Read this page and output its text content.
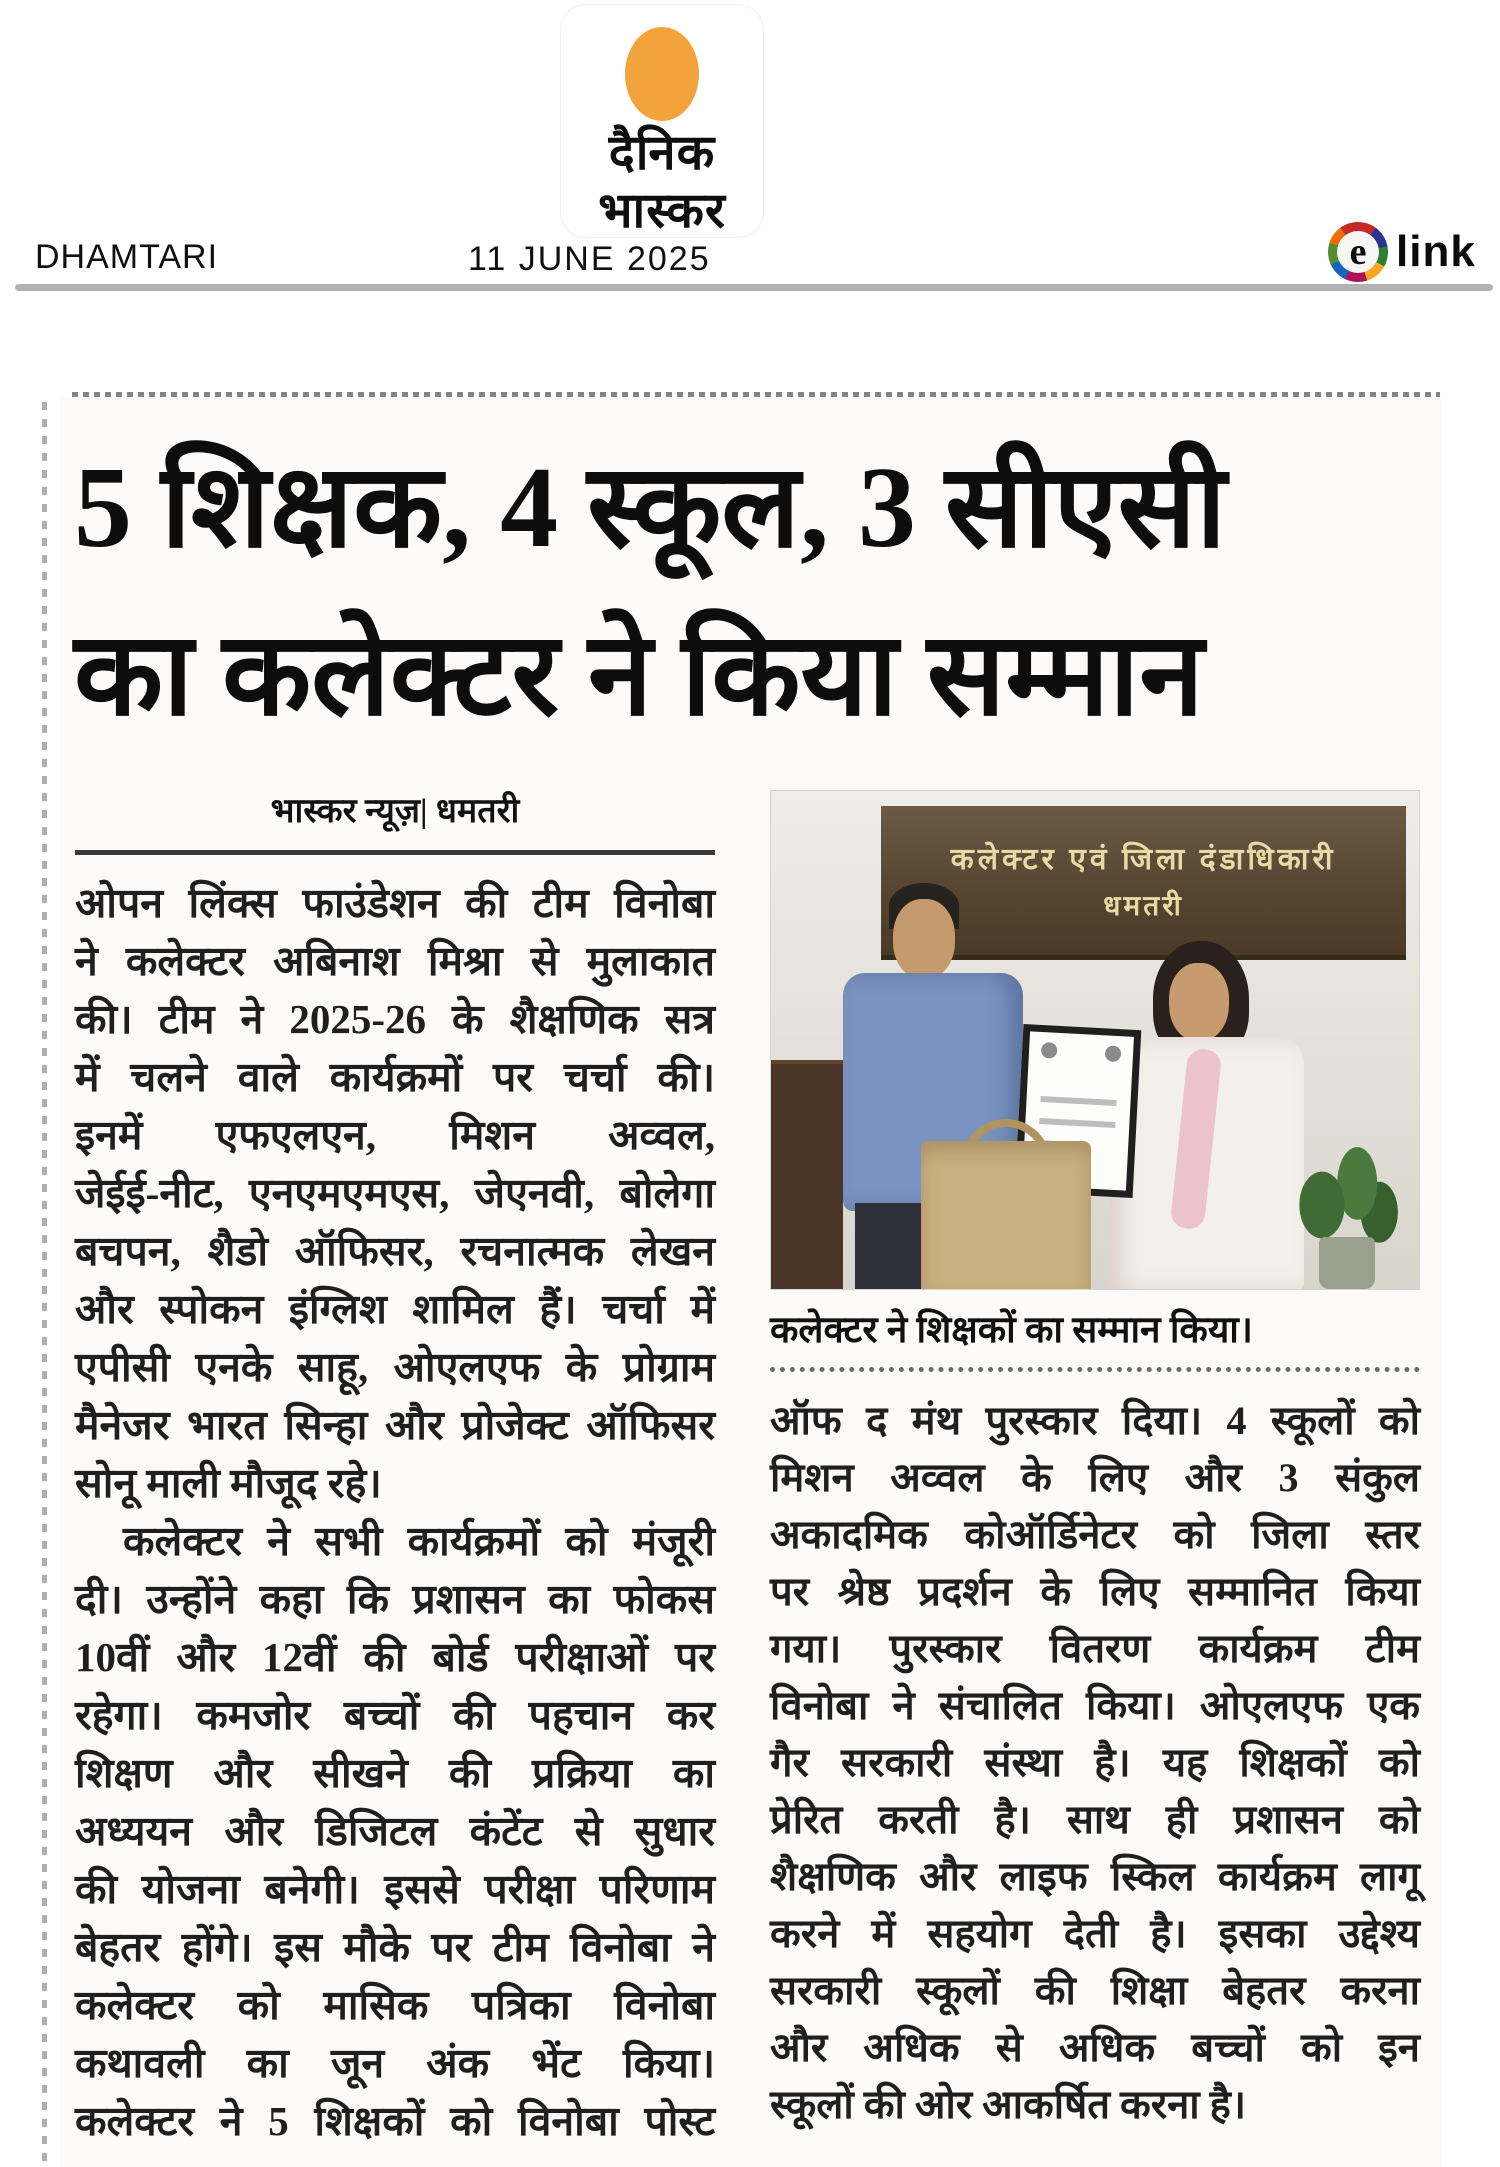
दैनिक
भास्कर
DHAMTARI	11 JUNE 2025	e link
5 शिक्षक, 4 स्कूल, 3 सीएसी
का कलेक्टर ने किया सम्मान
भास्कर न्यूज़| धमतरी
ओपन लिंक्स फाउंडेशन की टीम विनोबा
ने कलेक्टर अबिनाश मिश्रा से मुलाकात
की। टीम ने 2025-26 के शैक्षणिक सत्र
में चलने वाले कार्यक्रमों पर चर्चा की।
इनमें एफएलएन, मिशन अव्वल,
जेईई-नीट, एनएमएमएस, जेएनवी, बोलेगा
बचपन, शैडो ऑफिसर, रचनात्मक लेखन
और स्पोकन इंग्लिश शामिल हैं। चर्चा में
एपीसी एनके साहू, ओएलएफ के प्रोग्राम
मैनेजर भारत सिन्हा और प्रोजेक्ट ऑफिसर
सोनू माली मौजूद रहे।
कलेक्टर ने सभी कार्यक्रमों को मंजूरी
दी। उन्होंने कहा कि प्रशासन का फोकस
10वीं और 12वीं की बोर्ड परीक्षाओं पर
रहेगा। कमजोर बच्चों की पहचान कर
शिक्षण और सीखने की प्रक्रिया का
अध्ययन और डिजिटल कंटेंट से सुधार
की योजना बनेगी। इससे परीक्षा परिणाम
बेहतर होंगे। इस मौके पर टीम विनोबा ने
कलेक्टर को मासिक पत्रिका विनोबा
कथावली का जून अंक भेंट किया।
कलेक्टर ने 5 शिक्षकों को विनोबा पोस्ट
कलेक्टर एवं जिला दंडाधिकारी
धमतरी
कलेक्टर ने शिक्षकों का सम्मान किया।
ऑफ द मंथ पुरस्कार दिया। 4 स्कूलों को
मिशन अव्वल के लिए और 3 संकुल
अकादमिक कोऑर्डिनेटर को जिला स्तर
पर श्रेष्ठ प्रदर्शन के लिए सम्मानित किया
गया। पुरस्कार वितरण कार्यक्रम टीम
विनोबा ने संचालित किया। ओएलएफ एक
गैर सरकारी संस्था है। यह शिक्षकों को
प्रेरित करती है। साथ ही प्रशासन को
शैक्षणिक और लाइफ स्किल कार्यक्रम लागू
करने में सहयोग देती है। इसका उद्देश्य
सरकारी स्कूलों की शिक्षा बेहतर करना
और अधिक से अधिक बच्चों को इन
स्कूलों की ओर आकर्षित करना है।
